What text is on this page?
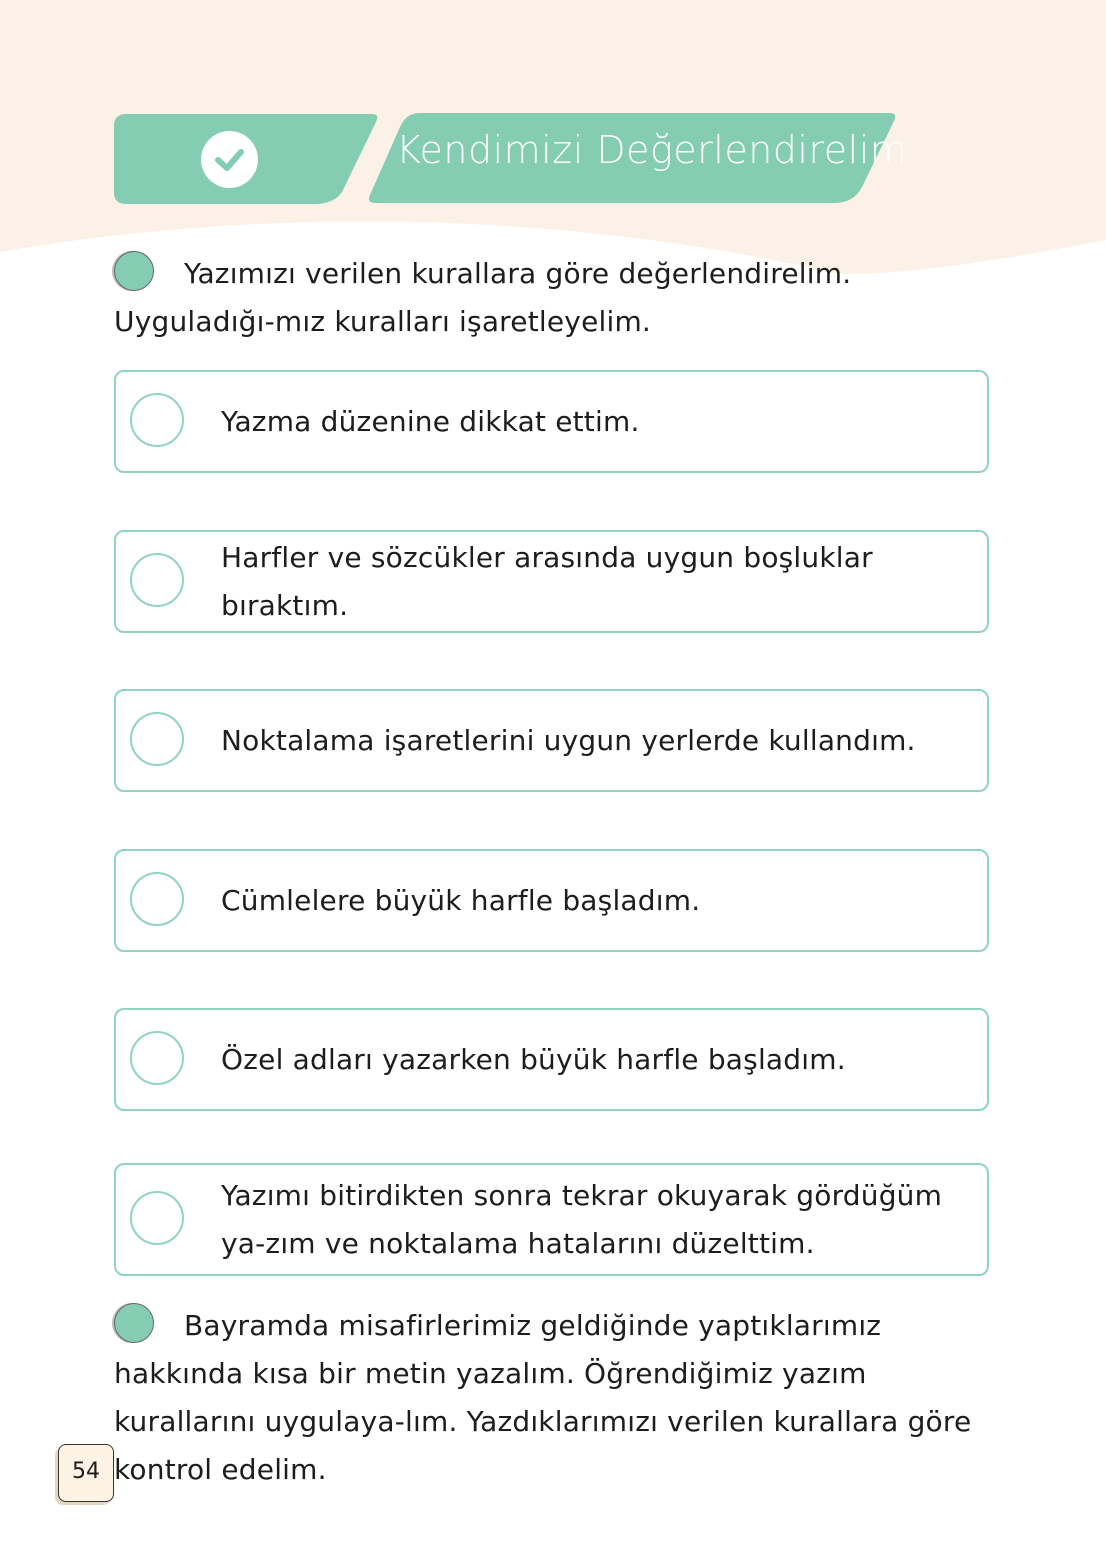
Kendimizi Değerlendirelim
Yazımızı verilen kurallara göre değerlendirelim. Uyguladığı-mız kuralları işaretleyelim.
Yazma düzenine dikkat ettim.
Harfler ve sözcükler arasında uygun boşluklar bıraktım.
Noktalama işaretlerini uygun yerlerde kullandım.
Cümlelere büyük harfle başladım.
Özel adları yazarken büyük harfle başladım.
Yazımı bitirdikten sonra tekrar okuyarak gördüğüm ya-zım ve noktalama hatalarını düzelttim.
Bayramda misafirlerimiz geldiğinde yaptıklarımız hakkında kısa bir metin yazalım. Öğrendiğimiz yazım kurallarını uygulaya-lım. Yazdıklarımızı verilen kurallara göre kontrol edelim.
54
